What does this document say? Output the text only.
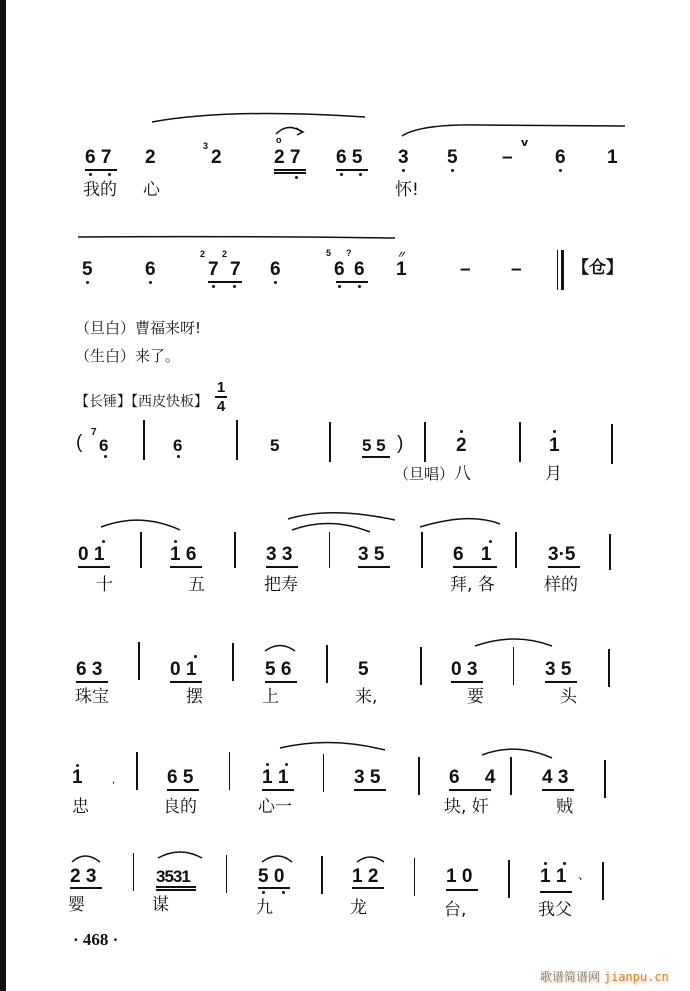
6 7 2
3
2
o
2 7 6 5 3 5 –
v
6 1
我的 心	怀!
5	6
2
7
2
7 6
5
6
?
6
〃
1	– –	【仓】
（旦白）曹福来呀!
（生白）来了。
【长锤】【西皮快板】
1
4
( 7
6	6	5	5 5 )	2	1
（旦唱） 八	月
0 1	1 6	3 3	3 5	6 1	3·5
十	五	把寿	拜, 各	样的
6 3	0 1	5 6	5	0 3	3 5
珠宝	摆	上	来,	要	头
1	,	6 5	1 1	3 5	6 4 4 3
忠	良的	心一	块, 奸	贼
2 3	3531	5 0	1 2	1 0	1 1 、
婴	谋	九	龙	台,	我父
· 468 ·
歌谱简谱网 jianpu.cn
